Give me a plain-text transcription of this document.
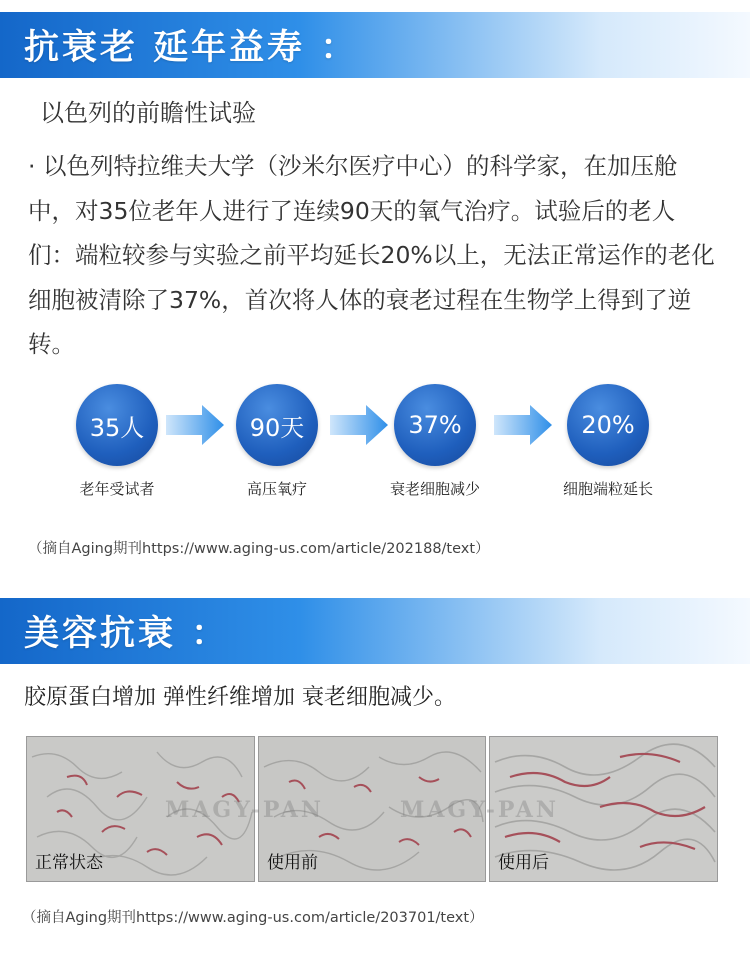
抗衰老 延年益寿 ：
以色列的前瞻性试验

· 以色列特拉维夫大学（沙米尔医疗中心）的科学家，在加压舱中，对35位老年人进行了连续90天的氧气治疗。试验后的老人们：端粒较参与实验之前平均延长20%以上，无法正常运作的老化细胞被清除了37%，首次将人体的衰老过程在生物学上得到了逆转。

35人	90天	37%	20%
老年受试者	高压氧疗	衰老细胞减少	细胞端粒延长
（摘自Aging期刊https://www.aging-us.com/article/202188/text）
美容抗衰 ：
胶原蛋白增加 弹性纤维增加 衰老细胞减少。
正常状态	使用前	使用后
MAGY-PAN	MAGY-PAN
（摘自Aging期刊https://www.aging-us.com/article/203701/text）
